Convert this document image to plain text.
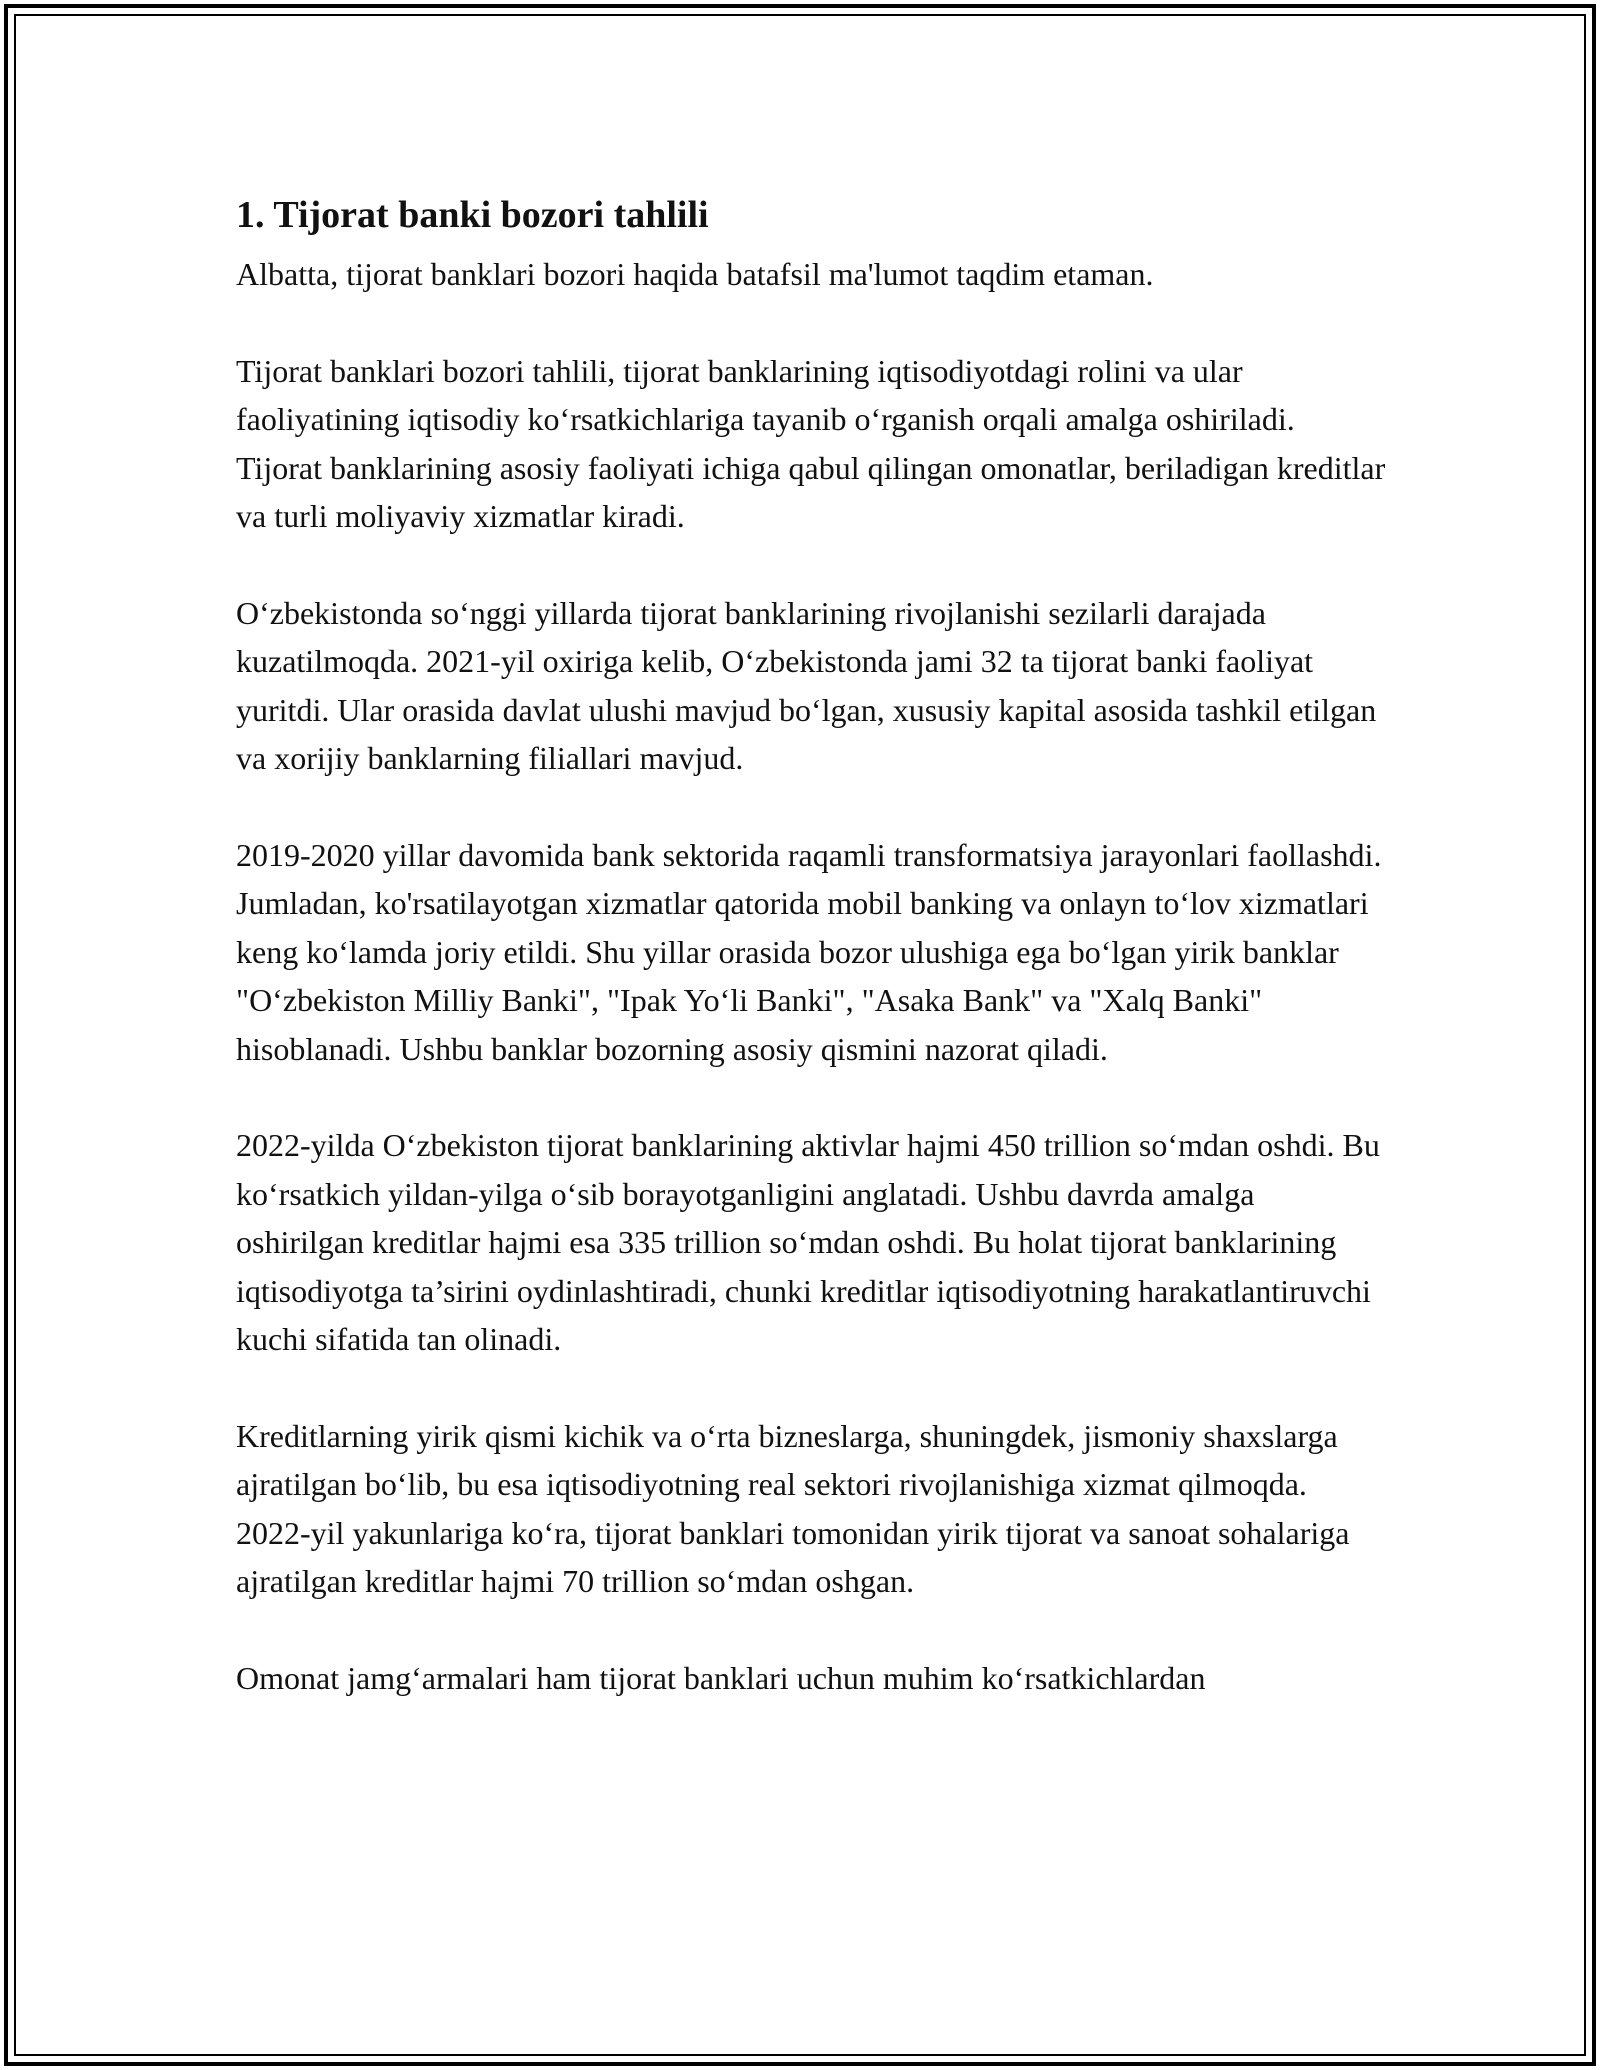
1. Tijorat banki bozori tahlili

Albatta, tijorat banklari bozori haqida batafsil ma'lumot taqdim etaman.

Tijorat banklari bozori tahlili, tijorat banklarining iqtisodiyotdagi rolini va ular faoliyatining iqtisodiy ko‘rsatkichlariga tayanib o‘rganish orqali amalga oshiriladi. Tijorat banklarining asosiy faoliyati ichiga qabul qilingan omonatlar, beriladigan kreditlar va turli moliyaviy xizmatlar kiradi.

O‘zbekistonda so‘nggi yillarda tijorat banklarining rivojlanishi sezilarli darajada kuzatilmoqda. 2021-yil oxiriga kelib, O‘zbekistonda jami 32 ta tijorat banki faoliyat yuritdi. Ular orasida davlat ulushi mavjud bo‘lgan, xususiy kapital asosida tashkil etilgan va xorijiy banklarning filiallari mavjud.

2019-2020 yillar davomida bank sektorida raqamli transformatsiya jarayonlari faollashdi. Jumladan, ko'rsatilayotgan xizmatlar qatorida mobil banking va onlayn to‘lov xizmatlari keng ko‘lamda joriy etildi. Shu yillar orasida bozor ulushiga ega bo‘lgan yirik banklar "O‘zbekiston Milliy Banki", "Ipak Yo‘li Banki", "Asaka Bank" va "Xalq Banki" hisoblanadi. Ushbu banklar bozorning asosiy qismini nazorat qiladi.

2022-yilda O‘zbekiston tijorat banklarining aktivlar hajmi 450 trillion so‘mdan oshdi. Bu ko‘rsatkich yildan-yilga o‘sib borayotganligini anglatadi. Ushbu davrda amalga oshirilgan kreditlar hajmi esa 335 trillion so‘mdan oshdi. Bu holat tijorat banklarining iqtisodiyotga ta’sirini oydinlashtiradi, chunki kreditlar iqtisodiyotning harakatlantiruvchi kuchi sifatida tan olinadi.

Kreditlarning yirik qismi kichik va o‘rta bizneslarga, shuningdek, jismoniy shaxslarga ajratilgan bo‘lib, bu esa iqtisodiyotning real sektori rivojlanishiga xizmat qilmoqda. 2022-yil yakunlariga ko‘ra, tijorat banklari tomonidan yirik tijorat va sanoat sohalariga ajratilgan kreditlar hajmi 70 trillion so‘mdan oshgan.

Omonat jamg‘armalari ham tijorat banklari uchun muhim ko‘rsatkichlardan
